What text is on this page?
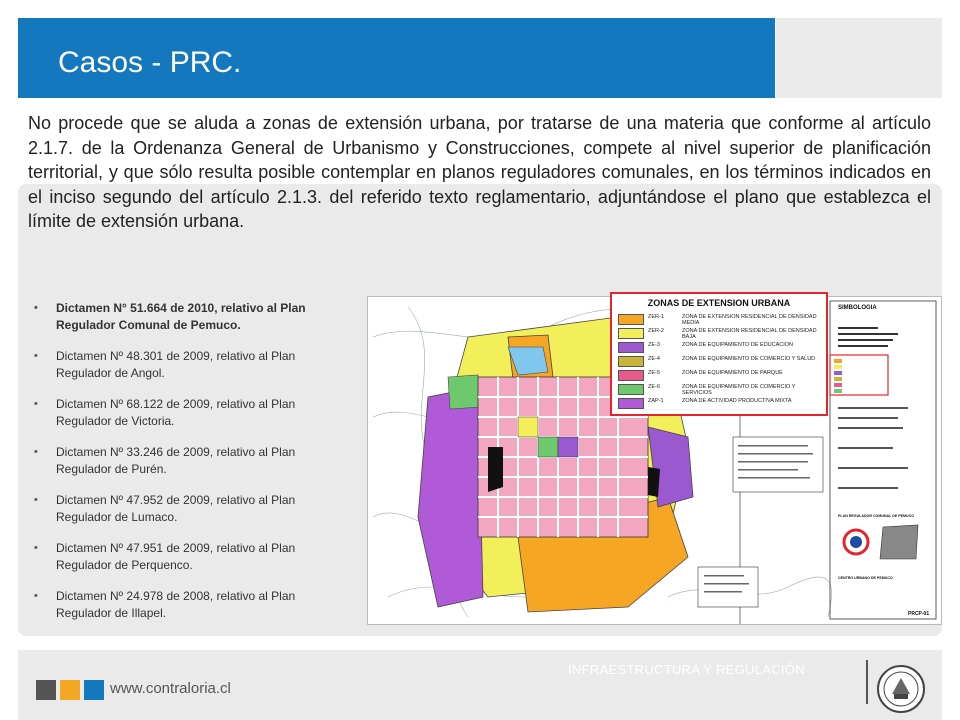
Casos - PRC.
No procede que se aluda a zonas de extensión urbana, por tratarse de una materia que conforme al artículo 2.1.7. de la Ordenanza General de Urbanismo y Construcciones, compete al nivel superior de planificación territorial, y que sólo resulta posible contemplar en planos reguladores comunales, en los términos indicados en el inciso segundo del artículo 2.1.3. del referido texto reglamentario, adjuntándose el plano que establezca el límite de extensión urbana.
• Dictamen N° 51.664 de 2010, relativo al Plan Regulador Comunal de Pemuco.
• Dictamen Nº 48.301 de 2009, relativo al Plan Regulador de Angol.
• Dictamen Nº 68.122 de 2009, relativo al Plan Regulador de Victoria.
• Dictamen Nº 33.246 de 2009, relativo al Plan Regulador de Purén.
• Dictamen Nº 47.952 de 2009, relativo al Plan Regulador de Lumaco.
• Dictamen Nº 47.951 de 2009, relativo al Plan Regulador de Perquenco.
• Dictamen Nº 24.978 de 2008, relativo al Plan Regulador de Illapel.
SIMBOLOGIA
PLAN REGULADOR COMUNAL DE PEMUCO
CENTRO URBANO DE PEMUCO
PRCP-01
ZONAS DE EXTENSION URBANA
ZER-1	ZONA DE EXTENSION RESIDENCIAL DE DENSIDAD MEDIA
ZER-2	ZONA DE EXTENSION RESIDENCIAL DE DENSIDAD BAJA
ZE-3	ZONA DE EQUIPAMIENTO DE EDUCACION
ZE-4	ZONA DE EQUIPAMIENTO DE COMERCIO Y SALUD
ZE-5	ZONA DE EQUIPAMIENTO DE PARQUE
ZE-6	ZONA DE EQUIPAMIENTO DE COMERCIO Y SERVICIOS
ZAP-1	ZONA DE ACTIVIDAD PRODUCTIVA MIXTA
www.contraloria.cl
INFRAESTRUCTURA Y REGULACIÓN
